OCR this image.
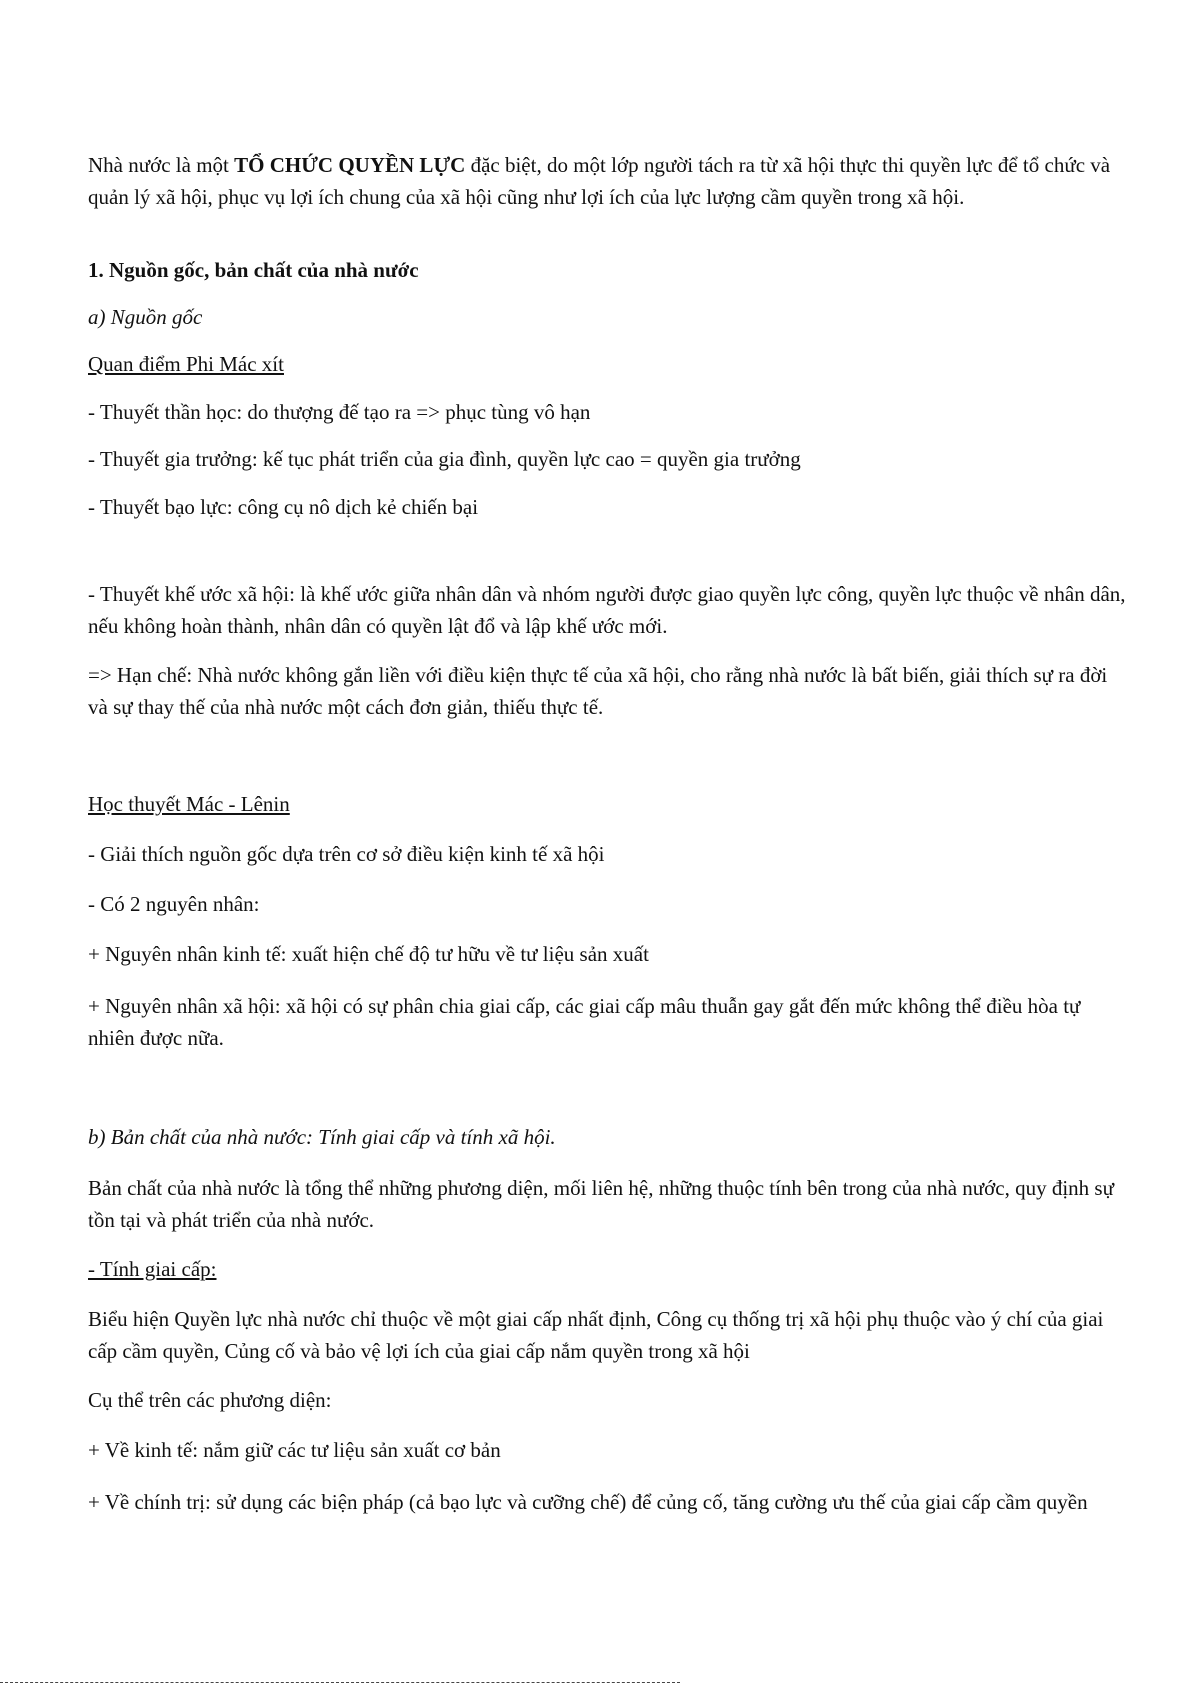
Nhà nước là một TỔ CHỨC QUYỀN LỰC đặc biệt, do một lớp người tách ra từ xã hội thực thi quyền lực để tổ chức và quản lý xã hội, phục vụ lợi ích chung của xã hội cũng như lợi ích của lực lượng cầm quyền trong xã hội.

1. Nguồn gốc, bản chất của nhà nước

a) Nguồn gốc

Quan điểm Phi Mác xít

- Thuyết thần học: do thượng đế tạo ra => phục tùng vô hạn

- Thuyết gia trưởng: kế tục phát triển của gia đình, quyền lực cao = quyền gia trưởng

- Thuyết bạo lực: công cụ nô dịch kẻ chiến bại

- Thuyết khế ước xã hội: là khế ước giữa nhân dân và nhóm người được giao quyền lực công, quyền lực thuộc về nhân dân, nếu không hoàn thành, nhân dân có quyền lật đổ và lập khế ước mới.

=> Hạn chế: Nhà nước không gắn liền với điều kiện thực tế của xã hội, cho rằng nhà nước là bất biến, giải thích sự ra đời và sự thay thế của nhà nước một cách đơn giản, thiếu thực tế.

Học thuyết Mác - Lênin

- Giải thích nguồn gốc dựa trên cơ sở điều kiện kinh tế xã hội

- Có 2 nguyên nhân:

+ Nguyên nhân kinh tế: xuất hiện chế độ tư hữu về tư liệu sản xuất

+ Nguyên nhân xã hội: xã hội có sự phân chia giai cấp, các giai cấp mâu thuẫn gay gắt đến mức không thể điều hòa tự nhiên được nữa.

b) Bản chất của nhà nước: Tính giai cấp và tính xã hội.

Bản chất của nhà nước là tổng thể những phương diện, mối liên hệ, những thuộc tính bên trong của nhà nước, quy định sự tồn tại và phát triển của nhà nước.

- Tính giai cấp:

Biểu hiện Quyền lực nhà nước chỉ thuộc về một giai cấp nhất định, Công cụ thống trị xã hội phụ thuộc vào ý chí của giai cấp cầm quyền, Củng cố và bảo vệ lợi ích của giai cấp nắm quyền trong xã hội

Cụ thể trên các phương diện:

+ Về kinh tế: nắm giữ các tư liệu sản xuất cơ bản

+ Về chính trị: sử dụng các biện pháp (cả bạo lực và cưỡng chế) để củng cố, tăng cường ưu thế của giai cấp cầm quyền
